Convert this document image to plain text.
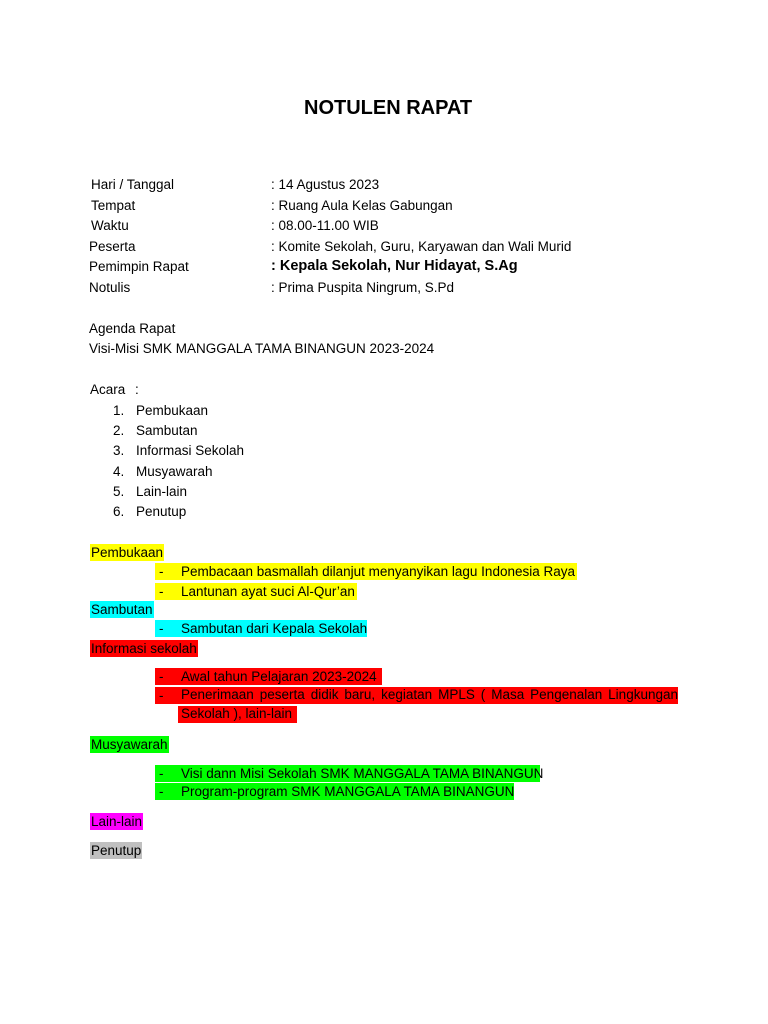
NOTULEN RAPAT
Hari / Tanggal	: 14 Agustus 2023
Tempat	: Ruang Aula Kelas Gabungan
Waktu	: 08.00-11.00 WIB
Peserta	: Komite Sekolah, Guru, Karyawan dan Wali Murid
Pemimpin Rapat	: Kepala Sekolah, Nur Hidayat, S.Ag
Notulis	: Prima Puspita Ningrum, S.Pd
Agenda Rapat
Visi-Misi SMK MANGGALA TAMA BINANGUN 2023-2024
Acara :
1. Pembukaan
2. Sambutan
3. Informasi Sekolah
4. Musyawarah
5. Lain-lain
6. Penutup
Pembukaan
- Pembacaan basmallah dilanjut menyanyikan lagu Indonesia Raya
- Lantunan ayat suci Al-Qur’an
Sambutan
- Sambutan dari Kepala Sekolah
Informasi sekolah
- Awal tahun Pelajaran 2023-2024
- Penerimaan peserta didik baru, kegiatan MPLS ( Masa Pengenalan Lingkungan Sekolah ), lain-lain
Musyawarah
- Visi dann Misi Sekolah SMK MANGGALA TAMA BINANGUN
- Program-program SMK MANGGALA TAMA BINANGUN
Lain-lain
Penutup
